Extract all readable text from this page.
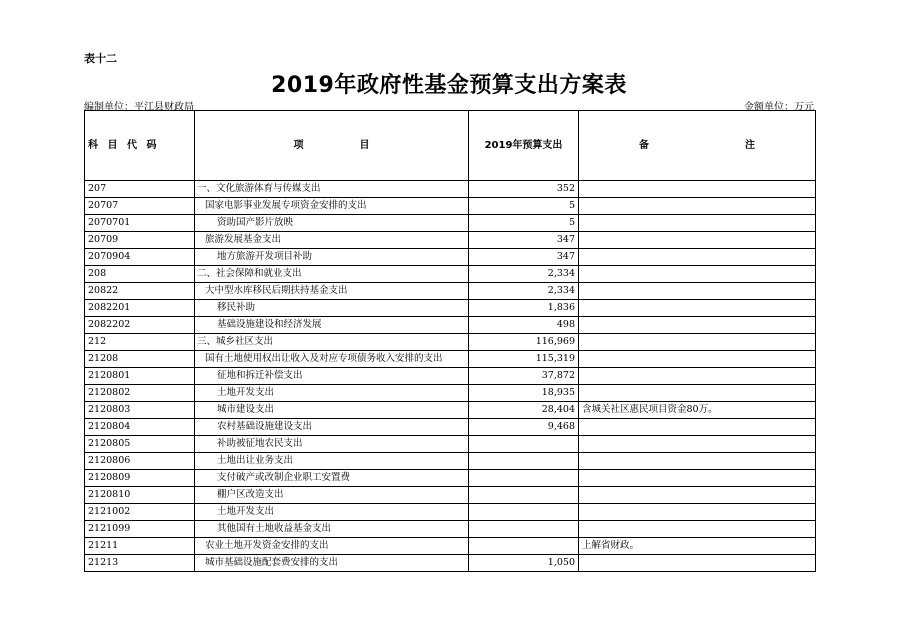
表十二
2019年政府性基金预算支出方案表
编制单位：平江县财政局	金额单位：万元
科 目 代 码	项 目	2019年预算支出	备 注
207	一、文化旅游体育与传媒支出	352	
20707	国家电影事业发展专项资金安排的支出	5	
2070701	资助国产影片放映	5	
20709	旅游发展基金支出	347	
2070904	地方旅游开发项目补助	347	
208	二、社会保障和就业支出	2,334	
20822	大中型水库移民后期扶持基金支出	2,334	
2082201	移民补助	1,836	
2082202	基础设施建设和经济发展	498	
212	三、城乡社区支出	116,969	
21208	国有土地使用权出让收入及对应专项债务收入安排的支出	115,319	
2120801	征地和拆迁补偿支出	37,872	
2120802	土地开发支出	18,935	
2120803	城市建设支出	28,404	含城关社区惠民项目资金80万。
2120804	农村基础设施建设支出	9,468	
2120805	补助被征地农民支出		
2120806	土地出让业务支出		
2120809	支付破产或改制企业职工安置费		
2120810	棚户区改造支出		
2121002	土地开发支出		
2121099	其他国有土地收益基金支出		
21211	农业土地开发资金安排的支出		上解省财政。
21213	城市基础设施配套费安排的支出	1,050	
